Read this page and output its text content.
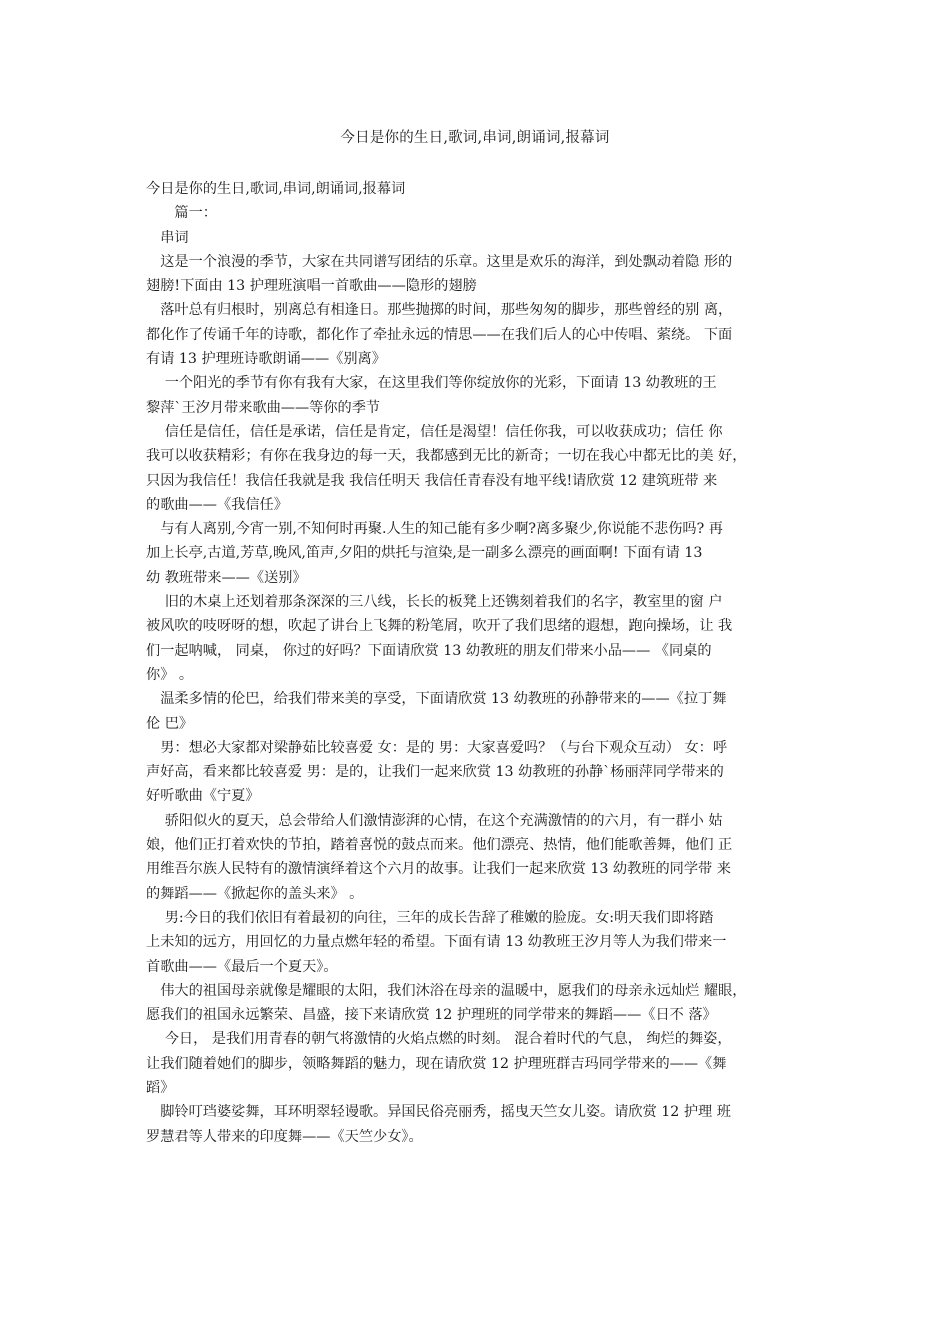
今日是你的生日,歌词,串词,朗诵词,报幕词
今日是你的生日,歌词,串词,朗诵词,报幕词
　　篇一：
　串词
　这是一个浪漫的季节，大家在共同谱写团结的乐章。这里是欢乐的海洋，到处飘动着隐 形的
翅膀!下面由 13 护理班演唱一首歌曲——隐形的翅膀
　落叶总有归根时，别离总有相逢日。那些抛掷的时间，那些匆匆的脚步，那些曾经的别 离，
都化作了传诵千年的诗歌，都化作了牵扯永远的情思——在我们后人的心中传唱、萦绕。 下面
有请 13 护理班诗歌朗诵——《别离》
　 一个阳光的季节有你有我有大家，在这里我们等你绽放你的光彩，下面请 13 幼教班的王
黎萍`王汐月带来歌曲——等你的季节
　 信任是信任，信任是承诺，信任是肯定，信任是渴望！信任你我，可以收获成功；信任 你
我可以收获精彩；有你在我身边的每一天，我都感到无比的新奇；一切在我心中都无比的美 好，
只因为我信任！我信任我就是我 我信任明天 我信任青春没有地平线!请欣赏 12 建筑班带 来
的歌曲——《我信任》
　与有人离别,今宵一别,不知何时再聚.人生的知己能有多少啊?离多聚少,你说能不悲伤吗? 再
加上长亭,古道,芳草,晚风,笛声,夕阳的烘托与渲染,是一副多么漂亮的画面啊! 下面有请 13
幼 教班带来——《送别》
　 旧的木桌上还划着那条深深的三八线，长长的板凳上还镌刻着我们的名字，教室里的窗 户
被风吹的吱呀呀的想，吹起了讲台上飞舞的粉笔屑，吹开了我们思绪的遐想，跑向操场，让 我
们一起呐喊， 同桌， 你过的好吗？下面请欣赏 13 幼教班的朋友们带来小品—— 《同桌的
你》 。
　温柔多情的伦巴，给我们带来美的享受，下面请欣赏 13 幼教班的孙静带来的——《拉丁舞
伦 巴》
　男：想必大家都对梁静茹比较喜爱 女：是的 男：大家喜爱吗？（与台下观众互动） 女：呼
声好高，看来都比较喜爱 男：是的，让我们一起来欣赏 13 幼教班的孙静`杨丽萍同学带来的
好听歌曲《宁夏》
　 骄阳似火的夏天，总会带给人们激情澎湃的心情，在这个充满激情的的六月，有一群小 姑
娘，他们正打着欢快的节拍，踏着喜悦的鼓点而来。他们漂亮、热情，他们能歌善舞，他们 正
用维吾尔族人民特有的激情演绎着这个六月的故事。让我们一起来欣赏 13 幼教班的同学带 来
的舞蹈——《掀起你的盖头来》 。
　 男:今日的我们依旧有着最初的向往，三年的成长告辞了稚嫩的脸庞。女:明天我们即将踏
上未知的远方，用回忆的力量点燃年轻的希望。下面有请 13 幼教班王汐月等人为我们带来一
首歌曲——《最后一个夏天》。
　伟大的祖国母亲就像是耀眼的太阳，我们沐浴在母亲的温暖中，愿我们的母亲永远灿烂 耀眼，
愿我们的祖国永远繁荣、昌盛，接下来请欣赏 12 护理班的同学带来的舞蹈——《日不 落》
　 今日， 是我们用青春的朝气将激情的火焰点燃的时刻。 混合着时代的气息， 绚烂的舞姿，
让我们随着她们的脚步，领略舞蹈的魅力，现在请欣赏 12 护理班群吉玛同学带来的——《舞
蹈》
　脚铃叮珰婆娑舞，耳环明翠轻谩歌。异国民俗亮丽秀，摇曳天竺女儿姿。请欣赏 12 护理 班
罗慧君等人带来的印度舞——《天竺少女》。
